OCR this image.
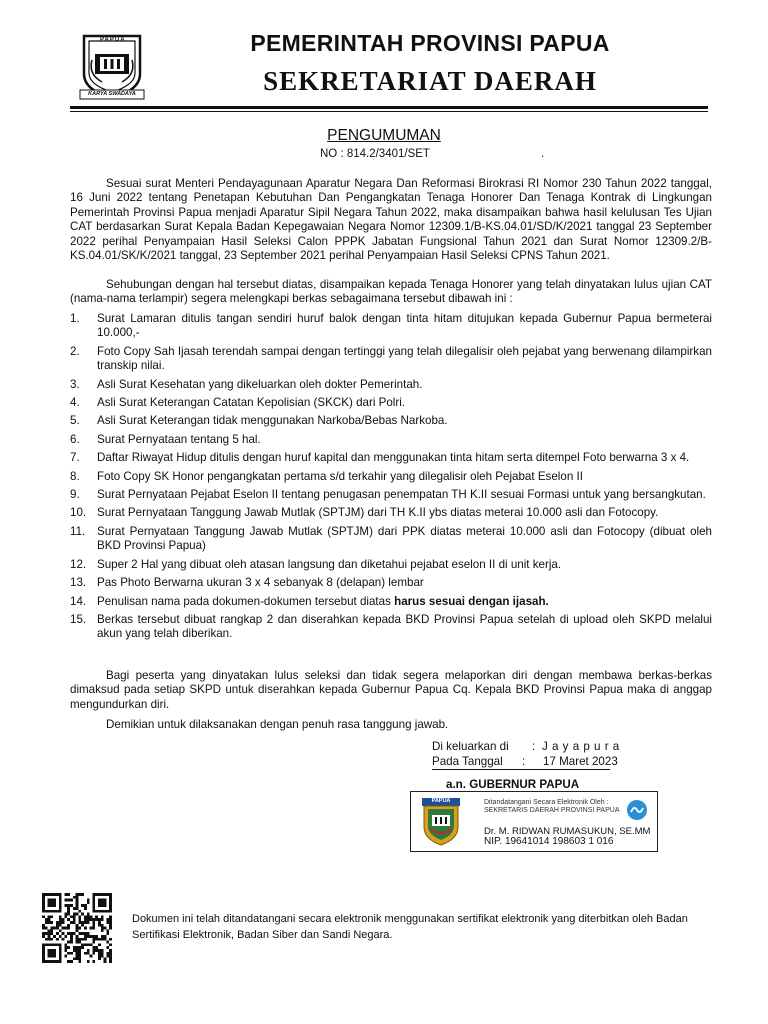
PAPUA
KARYA SWADAYA
PEMERINTAH PROVINSI PAPUA
SEKRETARIAT DAERAH
PENGUMUMAN
NO : 814.2/3401/SET	.
Sesuai surat Menteri Pendayagunaan Aparatur Negara Dan Reformasi Birokrasi RI Nomor 230 Tahun 2022 tanggal, 16 Juni 2022 tentang Penetapan Kebutuhan Dan Pengangkatan Tenaga Honorer Dan Tenaga Kontrak di Lingkungan Pemerintah Provinsi Papua menjadi Aparatur Sipil Negara Tahun 2022, maka disampaikan bahwa hasil kelulusan Tes Ujian CAT berdasarkan Surat Kepala Badan Kepegawaian Negara Nomor 12309.1/B-KS.04.01/SD/K/2021 tanggal 23 September 2022 perihal Penyampaian Hasil Seleksi Calon PPPK Jabatan Fungsional Tahun 2021 dan Surat Nomor 12309.2/B-KS.04.01/SK/K/2021 tanggal, 23 September 2021 perihal Penyampaian Hasil Seleksi CPNS Tahun 2021.
Sehubungan dengan hal tersebut diatas, disampaikan kepada Tenaga Honorer yang telah dinyatakan lulus ujian CAT (nama-nama terlampir) segera melengkapi berkas sebagaimana tersebut dibawah ini :
1. Surat Lamaran ditulis tangan sendiri huruf balok dengan tinta hitam ditujukan kepada Gubernur Papua bermeterai 10.000,-
2. Foto Copy Sah Ijasah terendah sampai dengan tertinggi yang telah dilegalisir oleh pejabat yang berwenang dilampirkan transkip nilai.
3. Asli Surat Kesehatan yang dikeluarkan oleh dokter Pemerintah.
4. Asli Surat Keterangan Catatan Kepolisian (SKCK) dari Polri.
5. Asli Surat Keterangan tidak menggunakan Narkoba/Bebas Narkoba.
6. Surat Pernyataan tentang 5 hal.
7. Daftar Riwayat Hidup ditulis dengan huruf kapital dan menggunakan tinta hitam serta ditempel Foto berwarna 3 x 4.
8. Foto Copy SK Honor pengangkatan pertama s/d terkahir yang dilegalisir oleh Pejabat Eselon II
9. Surat Pernyataan Pejabat Eselon II tentang penugasan penempatan TH K.II sesuai Formasi untuk yang bersangkutan.
10. Surat Pernyataan Tanggung Jawab Mutlak (SPTJM) dari TH K.II ybs diatas meterai 10.000 asli dan Fotocopy.
11. Surat Pernyataan Tanggung Jawab Mutlak (SPTJM) dari PPK diatas meterai 10.000 asli dan Fotocopy (dibuat oleh BKD Provinsi Papua)
12. Super 2 Hal yang dibuat oleh atasan langsung dan diketahui pejabat eselon II di unit kerja.
13. Pas Photo Berwarna ukuran 3 x 4 sebanyak 8 (delapan) lembar
14. Penulisan nama pada dokumen-dokumen tersebut diatas harus sesuai dengan ijasah.
15. Berkas tersebut dibuat rangkap 2 dan diserahkan kepada BKD Provinsi Papua setelah di upload oleh SKPD melalui akun yang telah diberikan.
Bagi peserta yang dinyatakan lulus seleksi dan tidak segera melaporkan diri dengan membawa berkas-berkas dimaksud pada setiap SKPD untuk diserahkan kepada Gubernur Papua Cq. Kepala BKD Provinsi Papua maka di anggap mengundurkan diri.
Demikian untuk dilaksanakan dengan penuh rasa tanggung jawab.
Di keluarkan di : J a y a p u r a
Pada Tanggal : 17 Maret 2023
a.n. GUBERNUR PAPUA
PAPUA	Ditandatangani Secara Elektronik Oleh :
SEKRETARIS DAERAH PROVINSI PAPUA
Dr. M. RIDWAN RUMASUKUN, SE.MM
NIP. 19641014 198603 1 016
Dokumen ini telah ditandatangani secara elektronik menggunakan sertifikat elektronik yang diterbitkan oleh Badan Sertifikasi Elektronik, Badan Siber dan Sandi Negara.
